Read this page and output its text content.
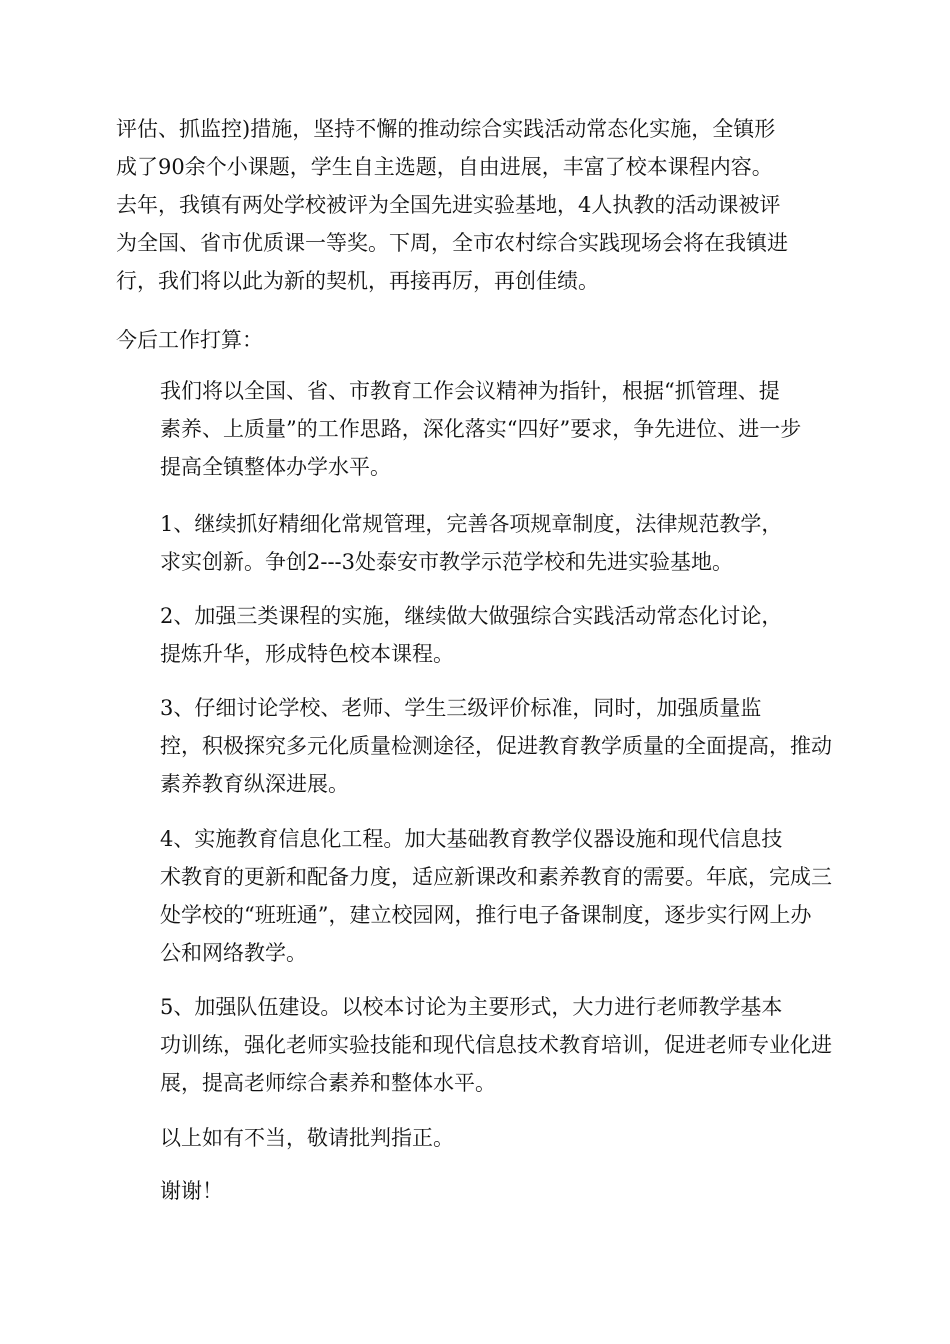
评估、抓监控)措施，坚持不懈的推动综合实践活动常态化实施，全镇形
成了90余个小课题，学生自主选题，自由进展，丰富了校本课程内容。
去年，我镇有两处学校被评为全国先进实验基地，4人执教的活动课被评
为全国、省市优质课一等奖。下周，全市农村综合实践现场会将在我镇进
行，我们将以此为新的契机，再接再厉，再创佳绩。

今后工作打算：

我们将以全国、省、市教育工作会议精神为指针，根据“抓管理、提
素养、上质量”的工作思路，深化落实“四好”要求，争先进位、进一步
提高全镇整体办学水平。

1、继续抓好精细化常规管理，完善各项规章制度，法律规范教学，
求实创新。争创2---3处泰安市教学示范学校和先进实验基地。

2、加强三类课程的实施，继续做大做强综合实践活动常态化讨论，
提炼升华，形成特色校本课程。

3、仔细讨论学校、老师、学生三级评价标准，同时，加强质量监
控，积极探究多元化质量检测途径，促进教育教学质量的全面提高，推动
素养教育纵深进展。

4、实施教育信息化工程。加大基础教育教学仪器设施和现代信息技
术教育的更新和配备力度，适应新课改和素养教育的需要。年底，完成三
处学校的“班班通”，建立校园网，推行电子备课制度，逐步实行网上办
公和网络教学。

5、加强队伍建设。以校本讨论为主要形式，大力进行老师教学基本
功训练，强化老师实验技能和现代信息技术教育培训，促进老师专业化进
展，提高老师综合素养和整体水平。

以上如有不当，敬请批判指正。

谢谢！
